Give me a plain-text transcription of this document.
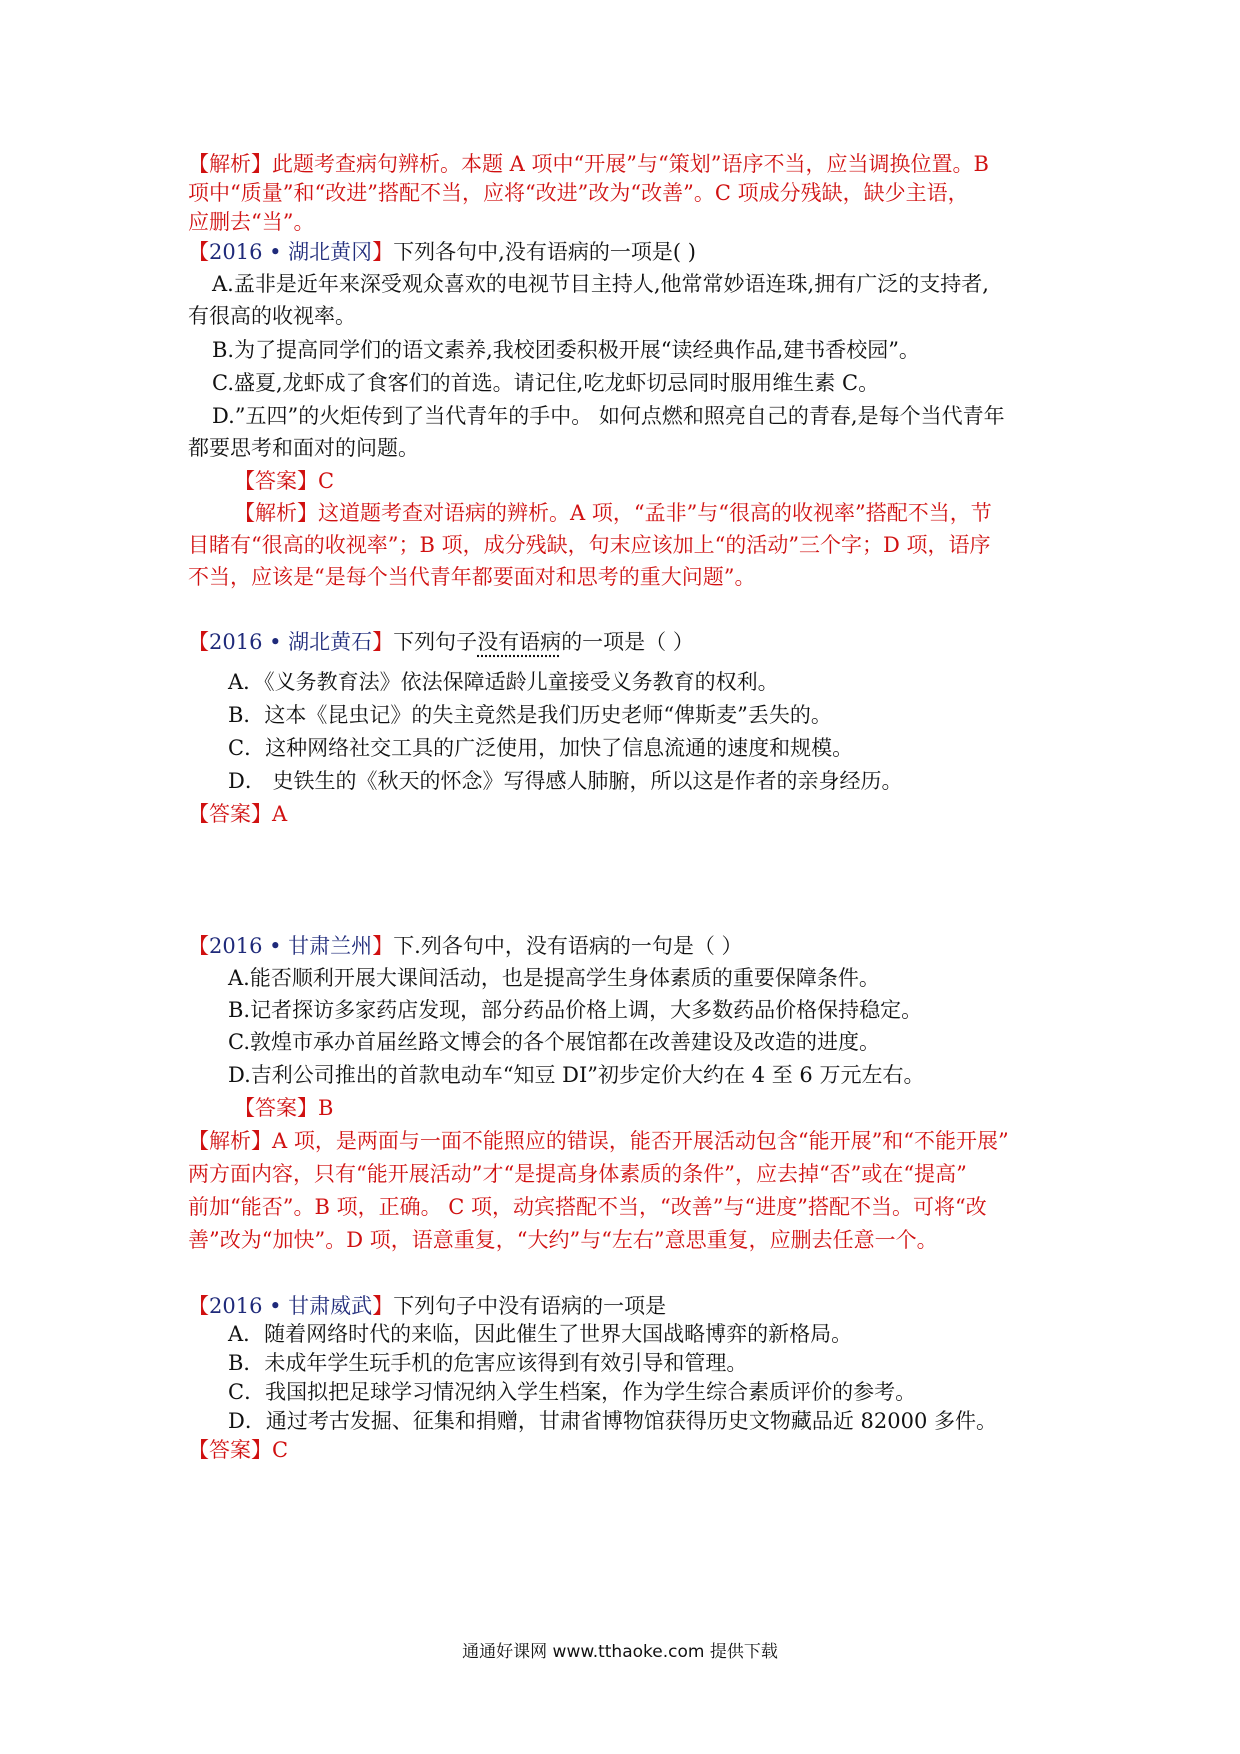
【解析】此题考查病句辨析。本题 A 项中“开展”与“策划”语序不当，应当调换位置。B
项中“质量”和“改进”搭配不当，应将“改进”改为“改善”。C 项成分残缺，缺少主语，
应删去“当”。
【2016 • 湖北黄冈】下列各句中,没有语病的一项是( )
A.孟非是近年来深受观众喜欢的电视节目主持人,他常常妙语连珠,拥有广泛的支持者,
有很高的收视率。
B.为了提高同学们的语文素养,我校团委积极开展“读经典作品,建书香校园”。
C.盛夏,龙虾成了食客们的首选。请记住,吃龙虾切忌同时服用维生素 C。
D.”五四”的火炬传到了当代青年的手中。 如何点燃和照亮自己的青春,是每个当代青年
都要思考和面对的问题。
【答案】C
【解析】这道题考查对语病的辨析。A 项，“孟非”与“很高的收视率”搭配不当，节
目睹有“很高的收视率”；B 项，成分残缺，句末应该加上“的活动”三个字；D 项，语序
不当，应该是“是每个当代青年都要面对和思考的重大问题”。
【2016 • 湖北黄石】下列句子没有语病的一项是（ ）
A．《义务教育法》依法保障适龄儿童接受义务教育的权利。
B．这本《昆虫记》的失主竟然是我们历史老师“俾斯麦”丢失的。
C．这种网络社交工具的广泛使用，加快了信息流通的速度和规模。
D． 史铁生的《秋天的怀念》写得感人肺腑，所以这是作者的亲身经历。
【答案】A
【2016 • 甘肃兰州】下.列各句中，没有语病的一句是（ ）
A.能否顺利开展大课间活动，也是提高学生身体素质的重要保障条件。
B.记者探访多家药店发现，部分药品价格上调，大多数药品价格保持稳定。
C.敦煌市承办首届丝路文博会的各个展馆都在改善建设及改造的进度。
D.吉利公司推出的首款电动车“知豆 DI”初步定价大约在 4 至 6 万元左右。
【答案】B
【解析】A 项，是两面与一面不能照应的错误，能否开展活动包含“能开展”和“不能开展”
两方面内容，只有“能开展活动”才“是提高身体素质的条件”，应去掉“否”或在“提高”
前加“能否”。B 项，正确。 C 项，动宾搭配不当，“改善”与“进度”搭配不当。可将“改
善”改为“加快”。D 项，语意重复，“大约”与“左右”意思重复，应删去任意一个。
【2016 • 甘肃威武】下列句子中没有语病的一项是
A．随着网络时代的来临，因此催生了世界大国战略博弈的新格局。
B．未成年学生玩手机的危害应该得到有效引导和管理。
C．我国拟把足球学习情况纳入学生档案，作为学生综合素质评价的参考。
D．通过考古发掘、征集和捐赠，甘肃省博物馆获得历史文物藏品近 82000 多件。
【答案】C
通通好课网 www.tthaoke.com 提供下载
